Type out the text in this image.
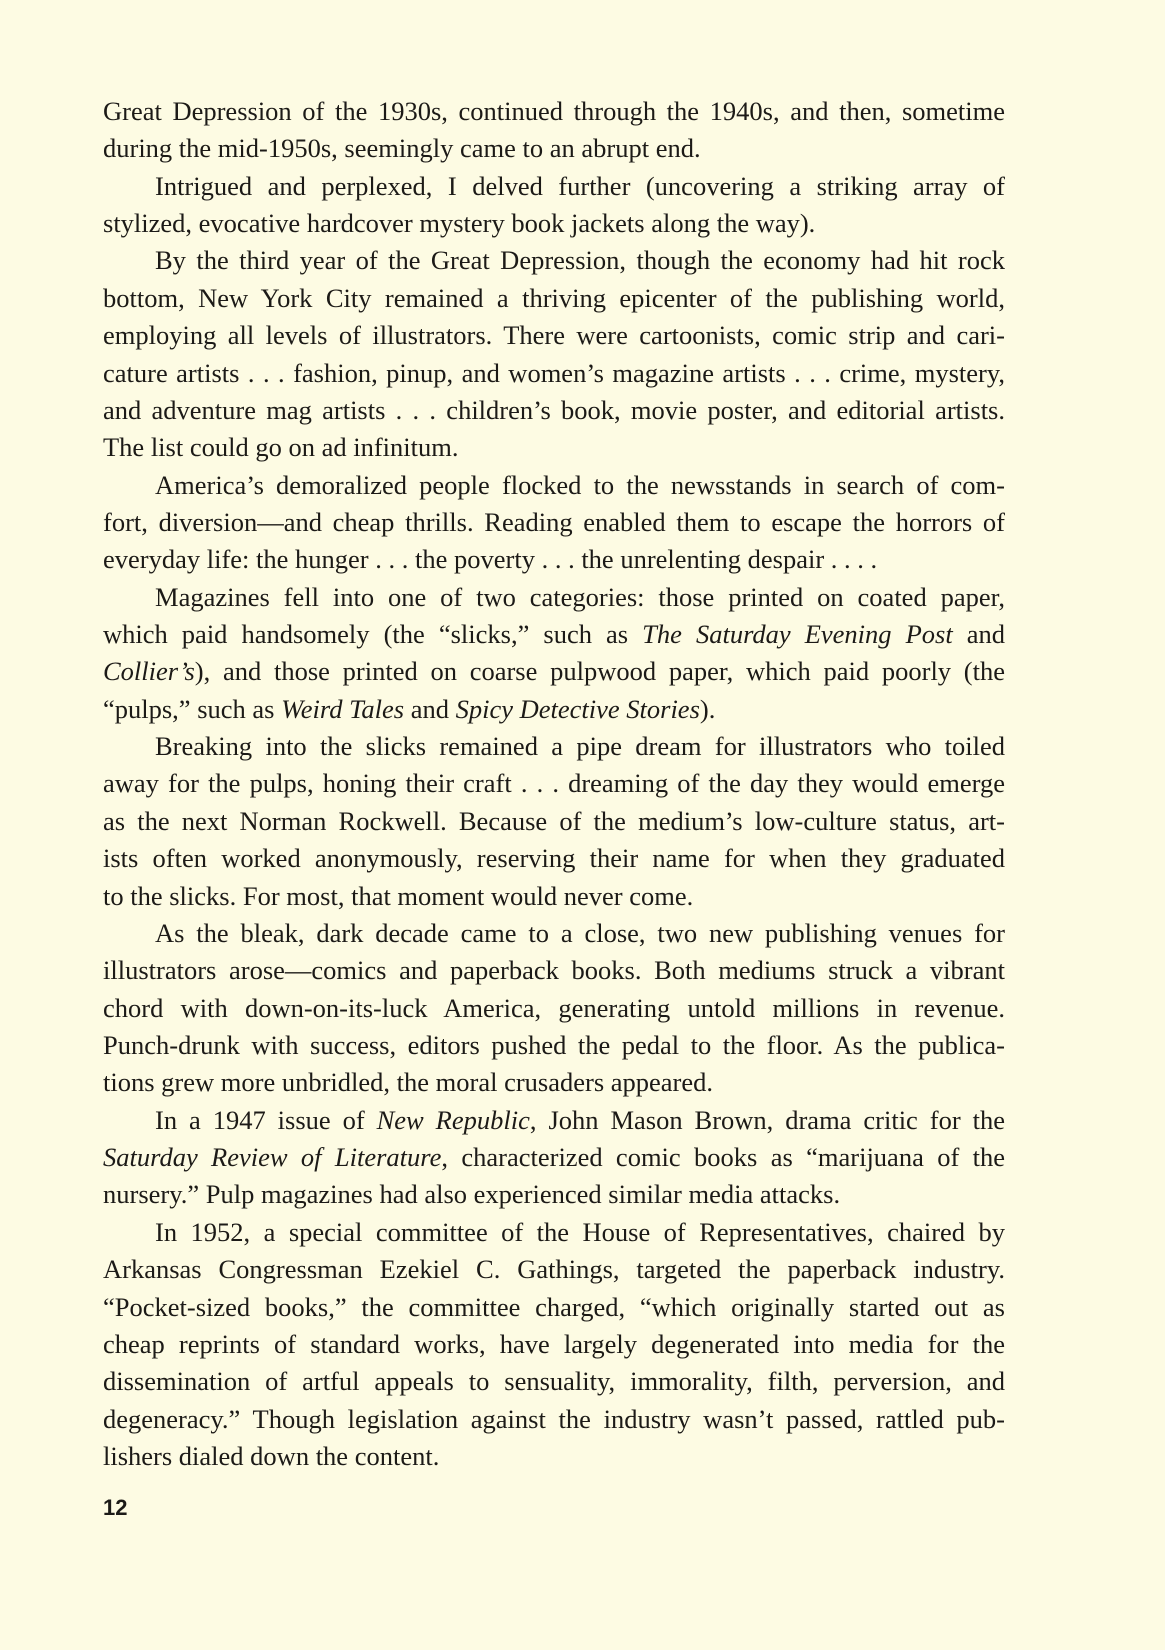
Great Depression of the 1930s, continued through the 1940s, and then, sometime
during the mid-1950s, seemingly came to an abrupt end.
Intrigued and perplexed, I delved further (uncovering a striking array of
stylized, evocative hardcover mystery book jackets along the way).
By the third year of the Great Depression, though the economy had hit rock
bottom, New York City remained a thriving epicenter of the publishing world,
employing all levels of illustrators. There were cartoonists, comic strip and cari-
cature artists . . . fashion, pinup, and women’s magazine artists . . . crime, mystery,
and adventure mag artists . . . children’s book, movie poster, and editorial artists.
The list could go on ad infinitum.
America’s demoralized people flocked to the newsstands in search of com-
fort, diversion—and cheap thrills. Reading enabled them to escape the horrors of
everyday life: the hunger . . . the poverty . . . the unrelenting despair . . . .
Magazines fell into one of two categories: those printed on coated paper,
which paid handsomely (the “slicks,” such as The Saturday Evening Post and
Collier’s), and those printed on coarse pulpwood paper, which paid poorly (the
“pulps,” such as Weird Tales and Spicy Detective Stories).
Breaking into the slicks remained a pipe dream for illustrators who toiled
away for the pulps, honing their craft . . . dreaming of the day they would emerge
as the next Norman Rockwell. Because of the medium’s low-culture status, art-
ists often worked anonymously, reserving their name for when they graduated
to the slicks. For most, that moment would never come.
As the bleak, dark decade came to a close, two new publishing venues for
illustrators arose—comics and paperback books. Both mediums struck a vibrant
chord with down-on-its-luck America, generating untold millions in revenue.
Punch-drunk with success, editors pushed the pedal to the floor. As the publica-
tions grew more unbridled, the moral crusaders appeared.
In a 1947 issue of New Republic, John Mason Brown, drama critic for the
Saturday Review of Literature, characterized comic books as “marijuana of the
nursery.” Pulp magazines had also experienced similar media attacks.
In 1952, a special committee of the House of Representatives, chaired by
Arkansas Congressman Ezekiel C. Gathings, targeted the paperback industry.
“Pocket-sized books,” the committee charged, “which originally started out as
cheap reprints of standard works, have largely degenerated into media for the
dissemination of artful appeals to sensuality, immorality, filth, perversion, and
degeneracy.” Though legislation against the industry wasn’t passed, rattled pub-
lishers dialed down the content.
12
